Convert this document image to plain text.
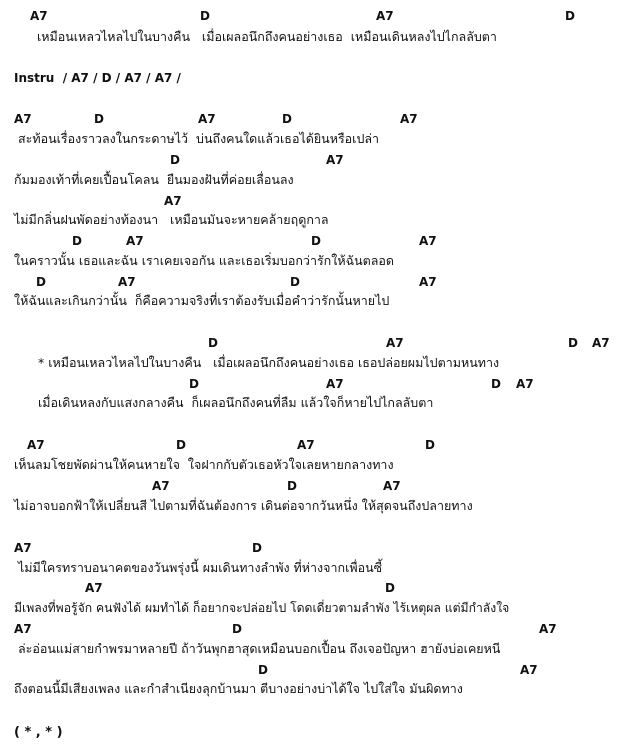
A7	D	A7	D
เหมือนเหลวไหลไปในบางคืน   เมื่อเผลอนึกถึงคนอย่างเธอ  เหมือนเดินหลงไปไกลลับตา
Instru  / A7 / D / A7 / A7 /
A7	D	A7	D	A7
สะท้อนเรื่องราวลงในกระดาษไว้  บ่นถึงคนใดแล้วเธอได้ยินหรือเปล่า
D	A7
ก้มมองเท้าที่เคยเปื้อนโคลน  ยืนมองฝันที่ค่อยเลื่อนลง
A7
ไม่มีกลิ่นฝนพัดอย่างท้องนา   เหมือนมันจะหายคล้ายฤดูกาล
D	A7	D	A7
ในคราวนั้น เธอและฉัน เราเคยเจอกัน และเธอเริ่มบอกว่ารักให้ฉันตลอด
D	A7	D	A7
ให้ฉันและเกินกว่านั้น  ก็คือความจริงที่เราต้องรับเมื่อคำว่ารักนั้นหายไป
D	A7	D A7
* เหมือนเหลวไหลไปในบางคืน   เมื่อเผลอนึกถึงคนอย่างเธอ เธอปล่อยผมไปตามหนทาง
D	A7	D A7
เมื่อเดินหลงกับแสงกลางคืน  ก็เผลอนึกถึงคนที่ลืม แล้วใจก็หายไปไกลลับตา
A7	D	A7	D
เห็นลมโชยพัดผ่านให้คนหายใจ  ใจฝากกับตัวเธอหัวใจเลยหายกลางทาง
A7	D	A7
ไม่อาจบอกฟ้าให้เปลี่ยนสี ไปตามที่ฉันต้องการ เดินต่อจากวันหนึ่ง ให้สุดจนถึงปลายทาง
A7	D
ไม่มีใครทราบอนาคตของวันพรุ่งนี้ ผมเดินทางลำพัง ที่ห่างจากเพื่อนซี้
A7	D
มีเพลงที่พอรู้จัก คนฟังได้ ผมทำได้ ก็อยากจะปล่อยไป โดดเดี่ยวตามลำพัง ไร้เหตุผล แต่มีกำลังใจ
A7	D	A7
ล่ะอ่อนแม่สายกำพรมาหลายปี ถ้าวันพุกฮาสุดเหมือนบอกเปื้อน ถึงเจอปัญหา ฮายังบ่อเคยหนี
D	A7
ถึงตอนนี้มีเสียงเพลง และกำสำเนียงลุกบ้านมา ตีบางอย่างบ่าได้ใจ ไปใส่ใจ มันผิดทาง
( * , * )
